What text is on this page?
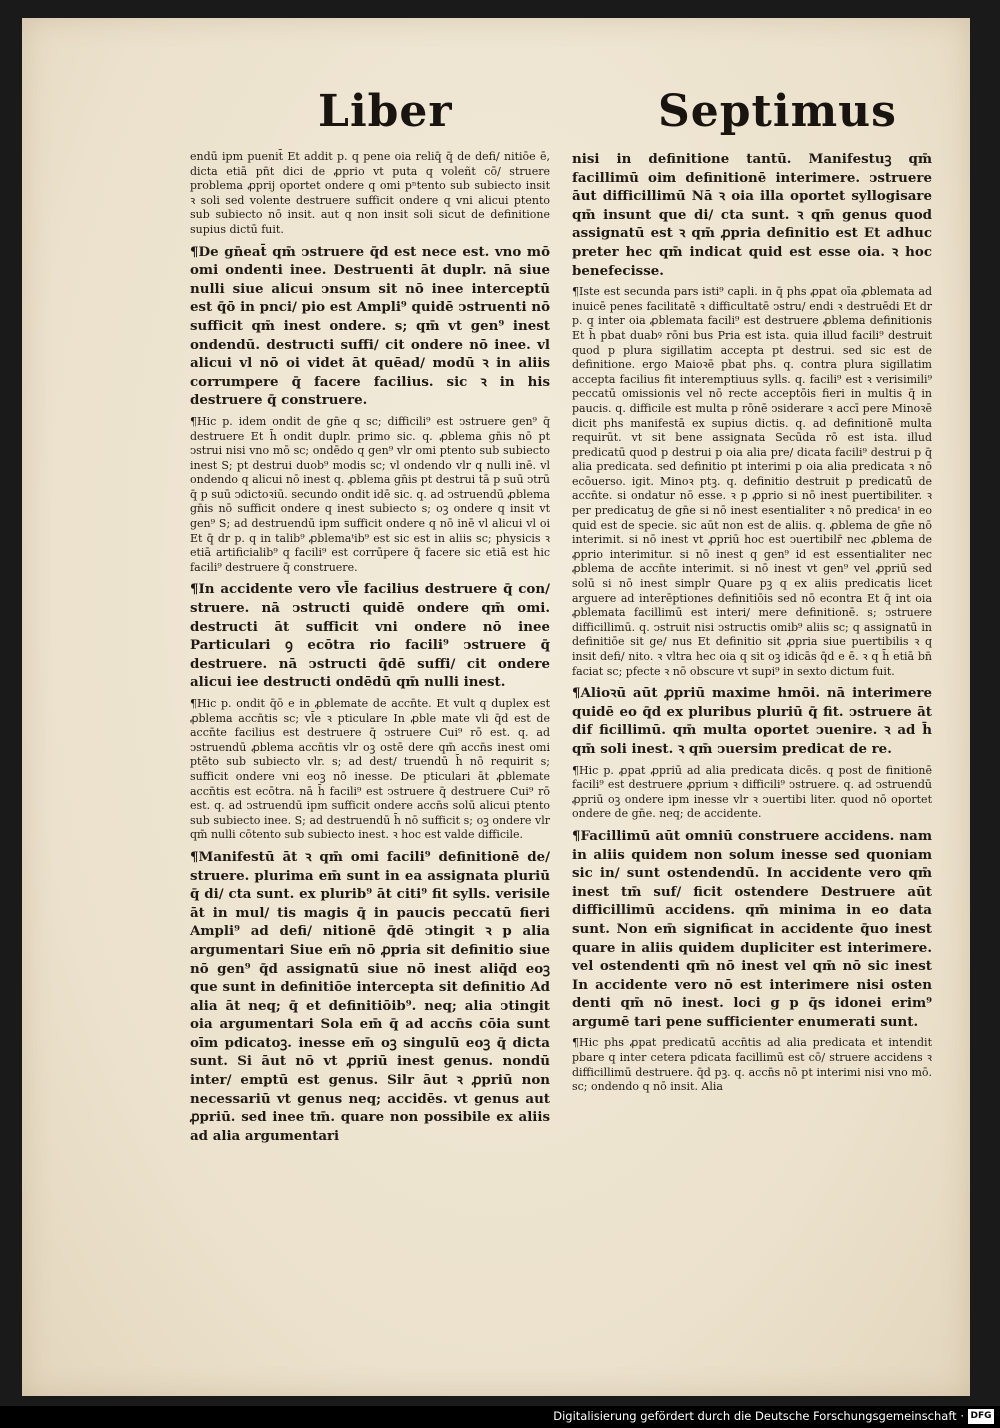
Liber	Septimus

endū ipm puenit̄ Et addit p. q pene oia reliq̄ q̄ de defi/ nitiōe ē, dicta etiā pn̄t dici de ꝓprio vt puta q voleñt cō/ struere problema ꝓprij oportet ondere q omi pⁿtento sub subiecto insit ꝛ soli sed volente destruere sufficit ondere q vni alicui ptento sub subiecto nō insit. aut q non insit soli sicut de definitione supius dictū fuit.

¶De gn̄eat̄ qm̄ ↄstruere q̄d est nece est. vno mō omi ondenti inee. Destruenti āt duplr. nā siue nulli siue alicui ↄnsum sit nō inee interceptū est q̄ō in pnci/ pio est Ampli⁹ quidē ↄstruenti nō sufficit qm̄ inest ondere. s; qm̄ vt gen⁹ inest ondendū. destructi suffi/ cit ondere nō inee. vl alicui vl nō oi videt āt quēad/ modū ꝛ in aliis corrumpere q̄ facere facilius. sic ꝛ in his destruere q̄ construere.

¶Hic p. idem ondit de gn̄e q sc; difficili⁹ est ↄstruere gen⁹ q̄ destruere Et h̄ ondit duplr. primo sic. q. ꝓblema gn̄is nō pt ↄstrui nisi vno mō sc; ondēdo q gen⁹ vlr omi ptento sub subiecto inest S; pt destrui duob⁹ modis sc; vl ondendo vlr q nulli inē. vl ondendo q alicui nō inest q. ꝓblema gn̄is pt destrui tā p suū ↄtrū q̄ p suū ↄdictoꝛiū. secundo ondit idē sic. q. ad ↄstruendū ꝓblema gn̄is nō sufficit ondere q inest subiecto s; oꝫ ondere q insit vt gen⁹ S; ad destruendū ipm sufficit ondere q nō inē vl alicui vl oi Et q̄ dr p. q in talib⁹ ꝓblemaᵗib⁹ est sic est in aliis sc; physicis ꝛ etiā artificialib⁹ q facili⁹ est corrūpere q̄ facere sic etiā est hic facili⁹ destruere q̄ construere.

¶In accidente vero vl̄e facilius destruere q̄ con/ struere. nā ↄstructi quidē ondere qm̄ omi. destructi āt sufficit vni ondere nō inee Particulari ꝯ ecōtra rio facili⁹ ↄstruere q̄ destruere. nā ↄstructi q̄dē suffi/ cit ondere alicui iee destructi ondēdū qm̄ nulli inest.

¶Hic p. ondit q̄ō e in ꝓblemate de accn̄te. Et vult q duplex est ꝓblema accn̄tis sc; vl̄e ꝛ pticulare In ꝓble mate vli q̄d est de accn̄te facilius est destruere q̄ ↄstruere Cui⁹ rō est. q. ad ↄstruendū ꝓblema accn̄tis vlr oꝫ ostē dere qm̄ accn̄s inest omi ptēto sub subiecto vlr. s; ad dest/ truendū h̄ nō requirit s; sufficit ondere vni eoꝫ nō inesse. De pticulari āt ꝓblemate accn̄tis est ecōtra. nā h̄ facili⁹ est ↄstruere q̄ destruere Cui⁹ rō est. q. ad ↄstruendū ipm sufficit ondere accn̄s solū alicui ptento sub subiecto inee. S; ad destruendū h̄ nō sufficit s; oꝫ ondere vlr qm̄ nulli cōtento sub subiecto inest. ꝛ hoc est valde difficile.

¶Manifestū āt ꝛ qm̄ omi facili⁹ definitionē de/ struere. plurima em̄ sunt in ea assignata pluriū q̄ di/ cta sunt. ex plurib⁹ āt citi⁹ fit sylls. verisile āt in mul/ tis magis q̄ in paucis peccatū fieri Ampli⁹ ad defi/ nitionē q̄dē ↄtingit ꝛ p alia argumentari Siue em̄ nō ꝓpria sit definitio siue nō gen⁹ q̄d assignatū siue nō inest aliq̄d eoꝫ que sunt in definitiōe intercepta sit definitio Ad alia āt neq; q̄ et definitiōib⁹. neq; alia ↄtingit oia argumentari Sola em̄ q̄ ad accn̄s cōia sunt oīm pdicatoꝫ. inesse em̄ oꝫ singulū eoꝫ q̄ dicta sunt. Si āut nō vt ꝓpriū inest genus. nondū inter/ emptū est genus. Silr āut ꝛ ꝓpriū non necessariū vt genus neq; accidēs. vt genus aut ꝓpriū. sed inee tm̄. quare non possibile ex aliis ad alia argumentari

nisi in definitione tantū. Manifestuꝫ qm̄ facillimū oim definitionē interimere. ↄstruere āut difficillimū Nā ꝛ oia illa oportet syllogisare qm̄ insunt que di/ cta sunt. ꝛ qm̄ genus quod assignatū est ꝛ qm̄ ꝓpria definitio est Et adhuc preter hec qm̄ indicat quid est esse oia. ꝛ hoc benefecisse.

¶Iste est secunda pars isti⁹ capli. in q̄ phs ꝓpat oīa ꝓblemata ad inuicē penes facilitatē ꝛ difficultatē ↄstru/ endi ꝛ destruēdi Et dr p. q inter oia ꝓblemata facili⁹ est destruere ꝓblema definitionis Et h̄ pbat duabꝰ rōni bus Pria est ista. quia illud facili⁹ destruit quod p plura sigillatim accepta pt destrui. sed sic est de definitione. ergo Maioꝛē pbat phs. q. contra plura sigillatim accepta facilius fit interemptiuus sylls. q. facili⁹ est ꝛ verisimili⁹ peccatū omissionis vel nō recte acceptōis fieri in multis q̄ in paucis. q. difficile est multa p rōnē ↄsiderare ꝛ accī pere Minoꝛē dicit phs manifestā ex supius dictis. q. ad definitionē multa requirūt. vt sit bene assignata Secūda rō est ista. illud predicatū quod p destrui p oia alia pre/ dicata facili⁹ destrui p q̄ alia predicata. sed definitio pt interimi p oia alia predicata ꝛ nō ecōuerso. igit. Minoꝛ ptꝫ. q. definitio destruit p predicatū de accn̄te. si ondatur nō esse. ꝛ p ꝓprio si nō inest puertibiliter. ꝛ per predicatuꝫ de gn̄e si nō inest esentialiter ꝛ nō predicaᵗ in eo quid est de specie. sic aūt non est de aliis. q. ꝓblema de gn̄e nō interimit. si nō inest vt ꝓpriū hoc est ↄuertibilr̄ nec ꝓblema de ꝓprio interimitur. si nō inest q gen⁹ id est essentialiter nec ꝓblema de accn̄te interimit. si nō inest vt gen⁹ vel ꝓpriū sed solū si nō inest simplr Quare pꝫ q ex aliis predicatis licet arguere ad interēptiones definitiōis sed nō econtra Et q̄ int oia ꝓblemata facillimū est interi/ mere definitionē. s; ↄstruere difficillimū. q. ↄstruit nisi ↄstructis omib⁹ aliis sc; q assignatū in definitiōe sit ge/ nus Et definitio sit ꝓpria siue puertibilis ꝛ q insit defi/ nito. ꝛ vltra hec oia q sit oꝫ idicās q̄d e ē. ꝛ q h̄ etiā bn̄ faciat sc; pfecte ꝛ nō obscure vt supi⁹ in sexto dictum fuit.

¶Alioꝛū aūt ꝓpriū maxime hmōi. nā interimere quidē eo q̄d ex pluribus pluriū q̄ fit. ↄstruere āt dif ficillimū. qm̄ multa oportet ↄuenire. ꝛ ad h̄ qm̄ soli inest. ꝛ qm̄ ↄuersim predicat de re.

¶Hic p. ꝓpat ꝓpriū ad alia predicata dicēs. q post de finitionē facili⁹ est destruere ꝓprium ꝛ difficili⁹ ↄstruere. q. ad ↄstruendū ꝓpriū oꝫ ondere ipm inesse vlr ꝛ ↄuertibi liter. quod nō oportet ondere de gn̄e. neq; de accidente.

¶Facillimū aūt omniū construere accidens. nam in aliis quidem non solum inesse sed quoniam sic in/ sunt ostendendū. In accidente vero qm̄ inest tm̄ suf/ ficit ostendere Destruere aūt difficillimū accidens. qm̄ minima in eo data sunt. Non em̄ significat in accidente q̄uo inest quare in aliis quidem dupliciter est interimere. vel ostendenti qm̄ nō inest vel qm̄ nō sic inest In accidente vero nō est interimere nisi osten denti qm̄ nō inest. loci g p q̄s idonei erim⁹ argumē tari pene sufficienter enumerati sunt.

¶Hic phs ꝓpat predicatū accn̄tis ad alia predicata et intendit pbare q inter cetera pdicata facillimū est cō/ struere accidens ꝛ difficillimū destruere. q̄d pꝫ. q. accn̄s nō pt interimi nisi vno mō. sc; ondendo q nō insit. Alia

Digitalisierung gefördert durch die Deutsche Forschungsgemeinschaft · DFG
